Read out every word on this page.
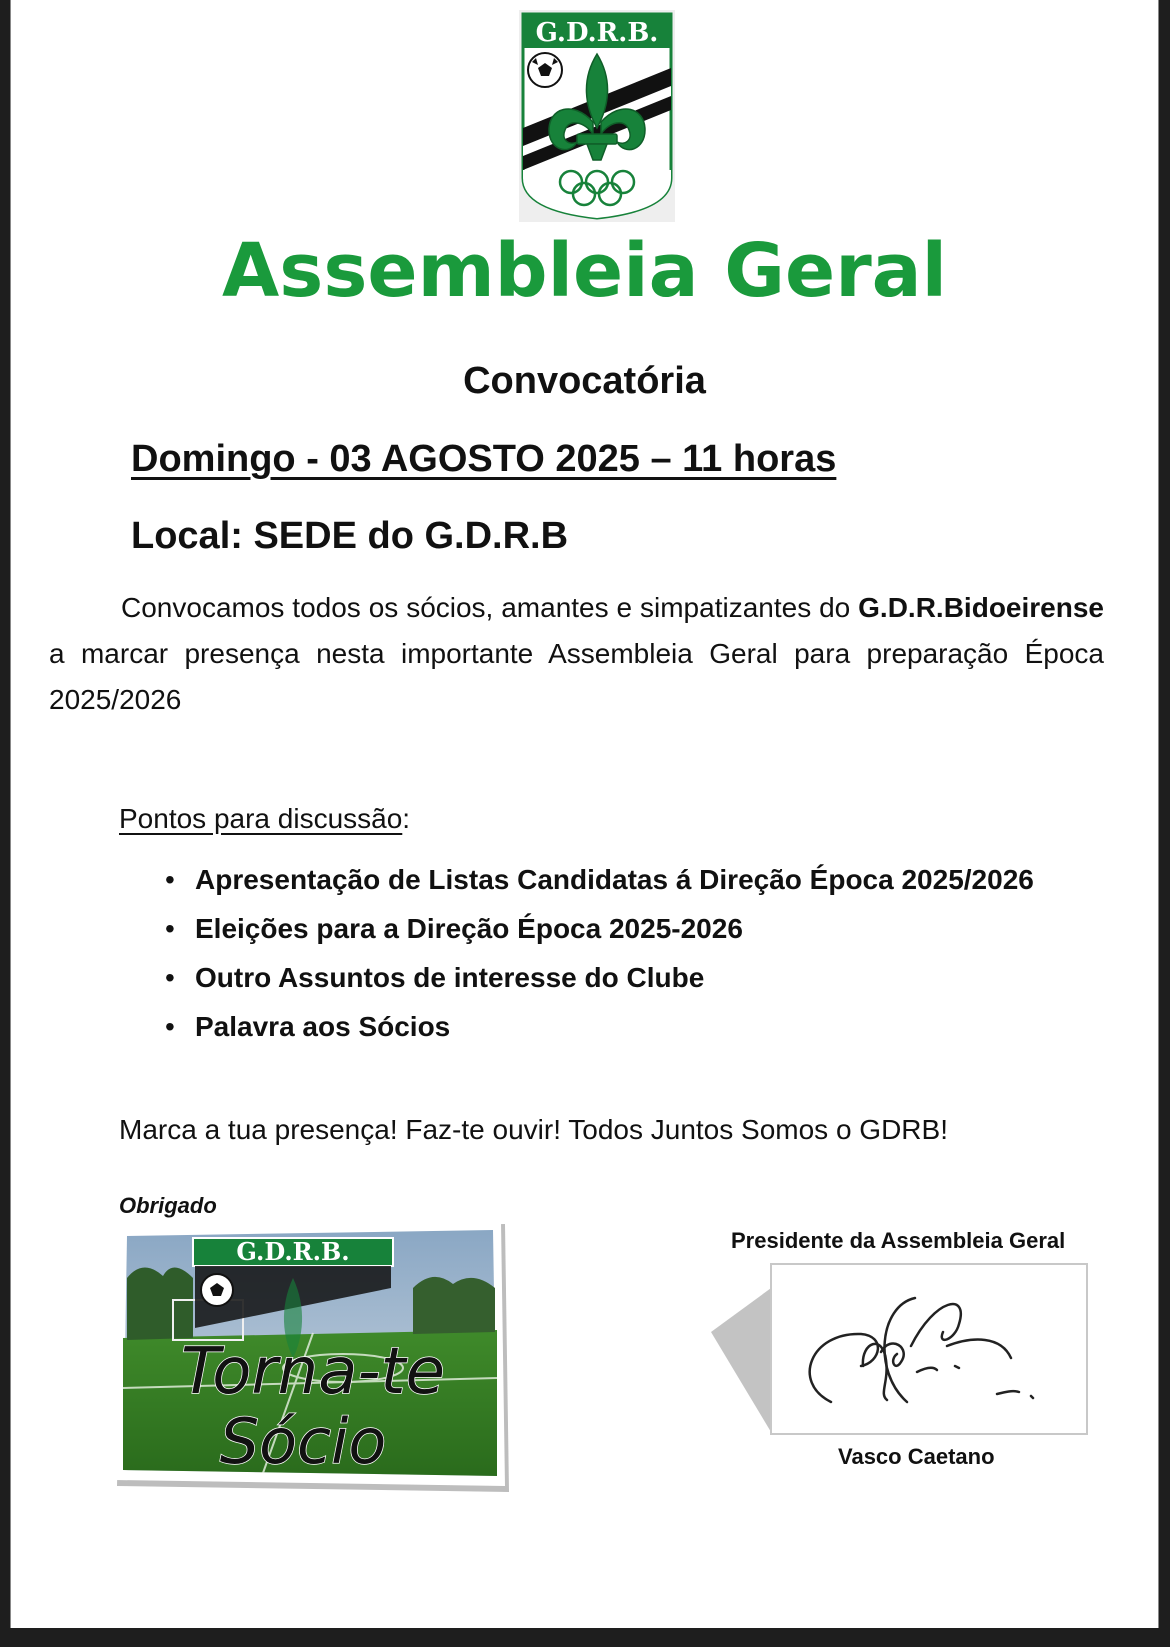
G.D.R.B.
Assembleia Geral
Convocatória
Domingo - 03 AGOSTO 2025 – 11 horas
Local: SEDE do G.D.R.B
Convocamos todos os sócios, amantes e simpatizantes do G.D.R.Bidoeirense a marcar presença nesta importante Assembleia Geral para preparação Época 2025/2026
Pontos para discussão:
• Apresentação de Listas Candidatas á Direção Época 2025/2026
• Eleições para a Direção Época 2025-2026
• Outro Assuntos de interesse do Clube
• Palavra aos Sócios
Marca a tua presença! Faz-te ouvir! Todos Juntos Somos o GDRB!
Obrigado
G.D.R.B.
Torna-te
Sócio
Presidente da Assembleia Geral
Vasco Caetano
